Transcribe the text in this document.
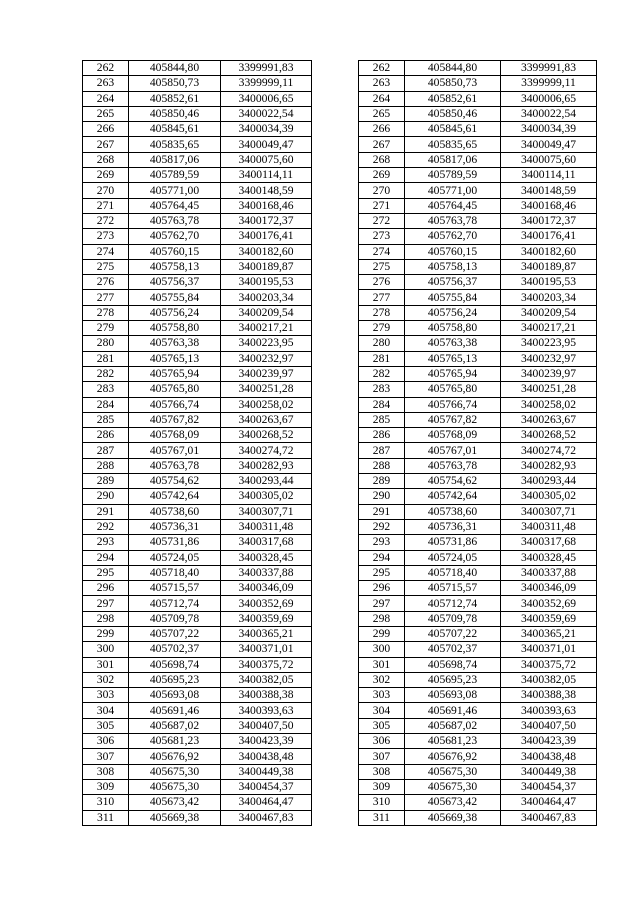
262	405844,80	3399991,83		262	405844,80	3399991,83
263	405850,73	3399999,11		263	405850,73	3399999,11
264	405852,61	3400006,65		264	405852,61	3400006,65
265	405850,46	3400022,54		265	405850,46	3400022,54
266	405845,61	3400034,39		266	405845,61	3400034,39
267	405835,65	3400049,47		267	405835,65	3400049,47
268	405817,06	3400075,60		268	405817,06	3400075,60
269	405789,59	3400114,11		269	405789,59	3400114,11
270	405771,00	3400148,59		270	405771,00	3400148,59
271	405764,45	3400168,46		271	405764,45	3400168,46
272	405763,78	3400172,37		272	405763,78	3400172,37
273	405762,70	3400176,41		273	405762,70	3400176,41
274	405760,15	3400182,60		274	405760,15	3400182,60
275	405758,13	3400189,87		275	405758,13	3400189,87
276	405756,37	3400195,53		276	405756,37	3400195,53
277	405755,84	3400203,34		277	405755,84	3400203,34
278	405756,24	3400209,54		278	405756,24	3400209,54
279	405758,80	3400217,21		279	405758,80	3400217,21
280	405763,38	3400223,95		280	405763,38	3400223,95
281	405765,13	3400232,97		281	405765,13	3400232,97
282	405765,94	3400239,97		282	405765,94	3400239,97
283	405765,80	3400251,28		283	405765,80	3400251,28
284	405766,74	3400258,02		284	405766,74	3400258,02
285	405767,82	3400263,67		285	405767,82	3400263,67
286	405768,09	3400268,52		286	405768,09	3400268,52
287	405767,01	3400274,72		287	405767,01	3400274,72
288	405763,78	3400282,93		288	405763,78	3400282,93
289	405754,62	3400293,44		289	405754,62	3400293,44
290	405742,64	3400305,02		290	405742,64	3400305,02
291	405738,60	3400307,71		291	405738,60	3400307,71
292	405736,31	3400311,48		292	405736,31	3400311,48
293	405731,86	3400317,68		293	405731,86	3400317,68
294	405724,05	3400328,45		294	405724,05	3400328,45
295	405718,40	3400337,88		295	405718,40	3400337,88
296	405715,57	3400346,09		296	405715,57	3400346,09
297	405712,74	3400352,69		297	405712,74	3400352,69
298	405709,78	3400359,69		298	405709,78	3400359,69
299	405707,22	3400365,21		299	405707,22	3400365,21
300	405702,37	3400371,01		300	405702,37	3400371,01
301	405698,74	3400375,72		301	405698,74	3400375,72
302	405695,23	3400382,05		302	405695,23	3400382,05
303	405693,08	3400388,38		303	405693,08	3400388,38
304	405691,46	3400393,63		304	405691,46	3400393,63
305	405687,02	3400407,50		305	405687,02	3400407,50
306	405681,23	3400423,39		306	405681,23	3400423,39
307	405676,92	3400438,48		307	405676,92	3400438,48
308	405675,30	3400449,38		308	405675,30	3400449,38
309	405675,30	3400454,37		309	405675,30	3400454,37
310	405673,42	3400464,47		310	405673,42	3400464,47
311	405669,38	3400467,83		311	405669,38	3400467,83
